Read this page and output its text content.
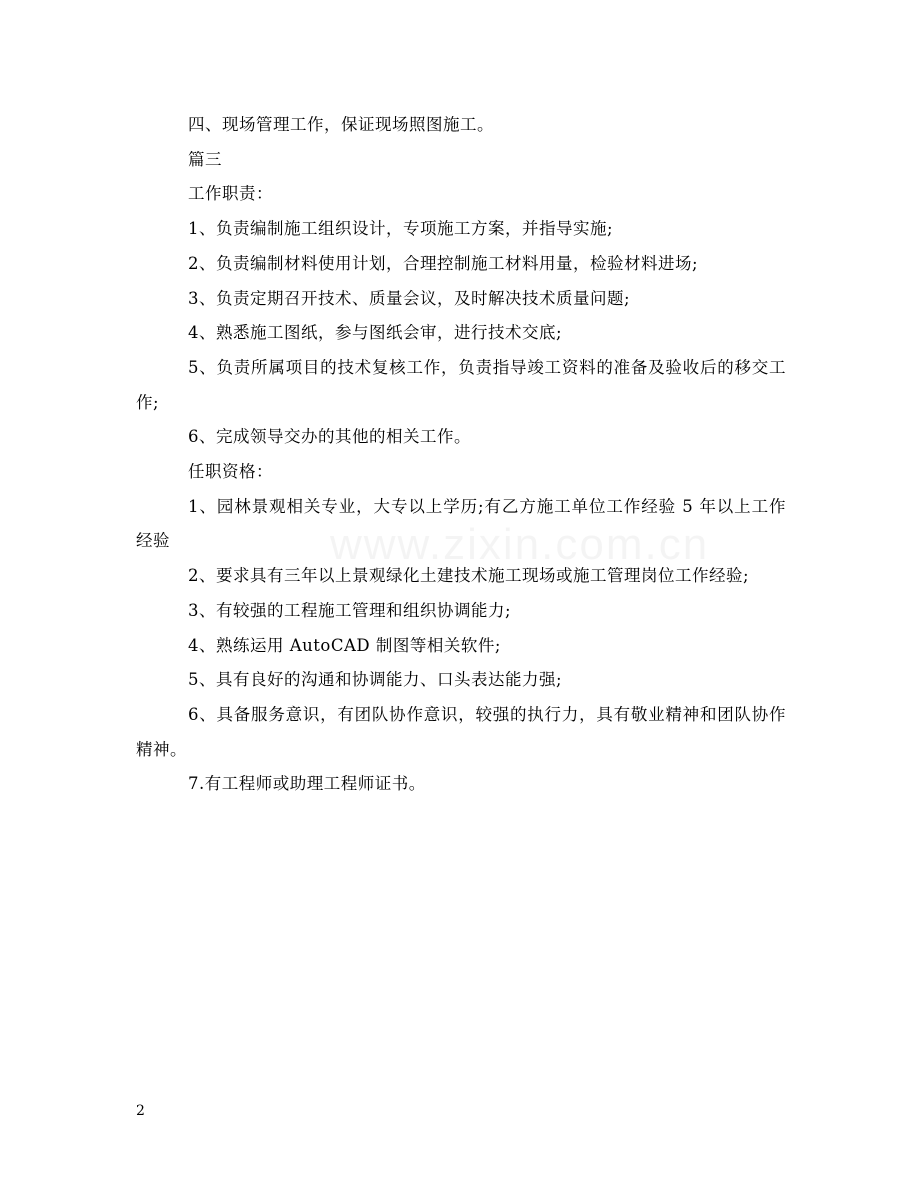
四、现场管理工作，保证现场照图施工。

篇三

工作职责：

1、负责编制施工组织设计，专项施工方案，并指导实施;

2、负责编制材料使用计划，合理控制施工材料用量，检验材料进场;

3、负责定期召开技术、质量会议，及时解决技术质量问题;

4、熟悉施工图纸，参与图纸会审，进行技术交底;

5、负责所属项目的技术复核工作，负责指导竣工资料的准备及验收后的移交工作;

6、完成领导交办的其他的相关工作。

任职资格：

1、园林景观相关专业，大专以上学历;有乙方施工单位工作经验 5 年以上工作经验

2、要求具有三年以上景观绿化土建技术施工现场或施工管理岗位工作经验;

3、有较强的工程施工管理和组织协调能力;

4、熟练运用 AutoCAD 制图等相关软件;

5、具有良好的沟通和协调能力、口头表达能力强;

6、具备服务意识，有团队协作意识，较强的执行力，具有敬业精神和团队协作精神。

7.有工程师或助理工程师证书。

2
